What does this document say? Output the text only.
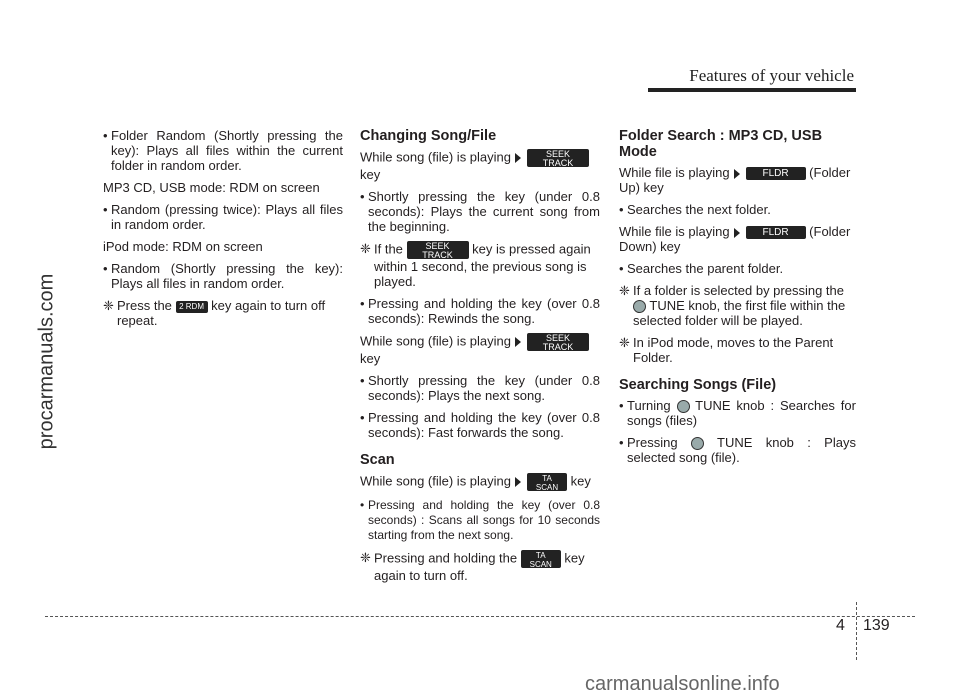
Features of your vehicle
procarmanuals.com

• Folder Random (Shortly pressing the key): Plays all files within the current folder in random order.

MP3 CD, USB mode: RDM on screen

• Random (pressing twice): Plays all files in random order.

iPod mode: RDM on screen

• Random (Shortly pressing the key): Plays all files in random order.

❈ Press the 2 RDM key again to turn off repeat.

Changing Song/File

While song (file) is playing	SEEK
TRACK

key

• Shortly pressing the key (under 0.8 seconds): Plays the current song from the beginning.

❈ If the	SEEK
TRACK	key is pressed again within 1 second, the previous song is played.

• Pressing and holding the key (over 0.8 seconds): Rewinds the song.

While song (file) is playing	SEEK
TRACK

key

• Shortly pressing the key (under 0.8 seconds): Plays the next song.

• Pressing and holding the key (over 0.8 seconds): Fast forwards the song.

Scan

While song (file) is playing	TA
SCAN key

• Pressing and holding the key (over 0.8 seconds) : Scans all songs for 10 seconds starting from the next song.

❈ Pressing and holding the	TA
SCAN key again to turn off.

Folder Search : MP3 CD, USB Mode

While file is playing	FLDR (Folder Up) key

• Searches the next folder.

While file is playing	FLDR (Folder Down) key

• Searches the parent folder.

❈ If a folder is selected by pressing the  TUNE knob, the first file within the selected folder will be played.

❈ In iPod mode, moves to the Parent Folder.

Searching Songs (File)

• Turning TUNE knob : Searches for songs (files)

• Pressing	TUNE knob : Plays selected song (file).

4 139
carmanualsonline.info
